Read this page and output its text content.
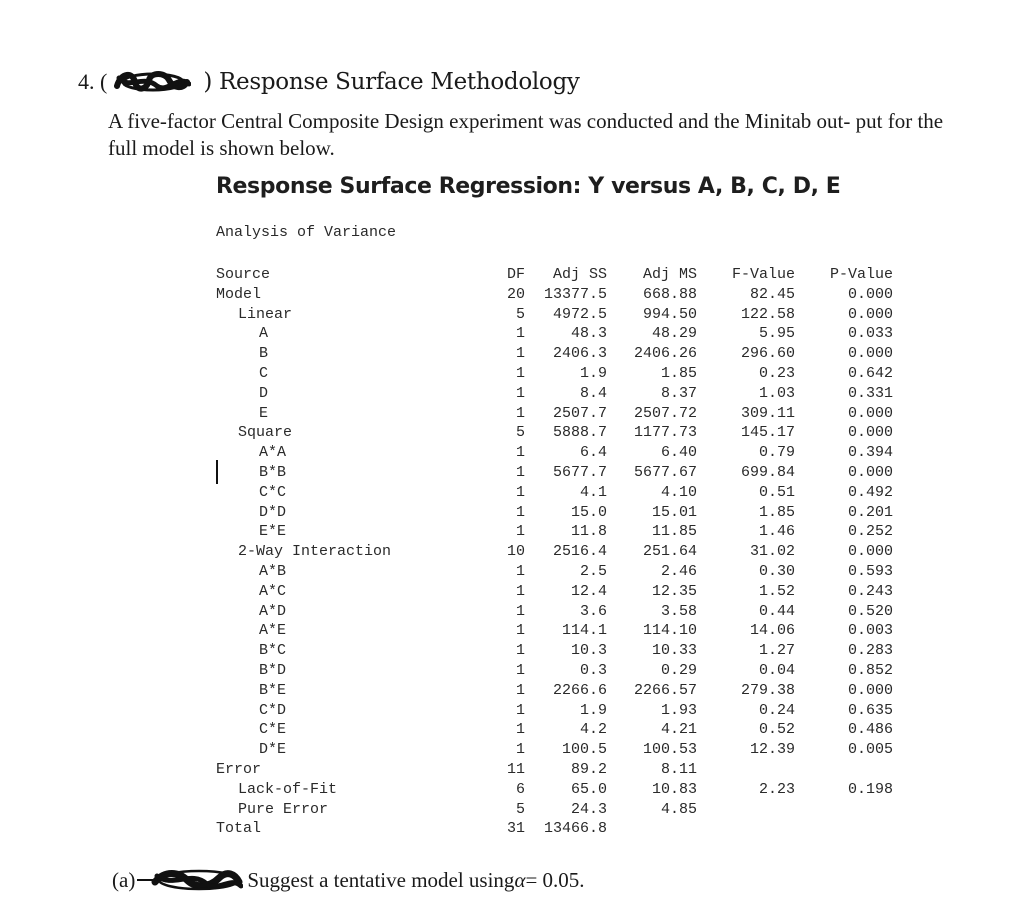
4. (	) Response Surface Methodology
A five-factor Central Composite Design experiment was conducted and the Minitab out- put for the full model is shown below.
Response Surface Regression: Y versus A, B, C, D, E
Analysis of Variance
Source	DF	Adj SS	Adj MS	F-Value	P-Value
Model	20	13377.5	668.88	82.45	0.000
Linear	5	4972.5	994.50	122.58	0.000
A	1	48.3	48.29	5.95	0.033
B	1	2406.3	2406.26	296.60	0.000
C	1	1.9	1.85	0.23	0.642
D	1	8.4	8.37	1.03	0.331
E	1	2507.7	2507.72	309.11	0.000
Square	5	5888.7	1177.73	145.17	0.000
A*A	1	6.4	6.40	0.79	0.394
B*B	1	5677.7	5677.67	699.84	0.000
C*C	1	4.1	4.10	0.51	0.492
D*D	1	15.0	15.01	1.85	0.201
E*E	1	11.8	11.85	1.46	0.252
2-Way Interaction	10	2516.4	251.64	31.02	0.000
A*B	1	2.5	2.46	0.30	0.593
A*C	1	12.4	12.35	1.52	0.243
A*D	1	3.6	3.58	0.44	0.520
A*E	1	114.1	114.10	14.06	0.003
B*C	1	10.3	10.33	1.27	0.283
B*D	1	0.3	0.29	0.04	0.852
B*E	1	2266.6	2266.57	279.38	0.000
C*D	1	1.9	1.93	0.24	0.635
C*E	1	4.2	4.21	0.52	0.486
D*E	1	100.5	100.53	12.39	0.005
Error	11	89.2	8.11		
Lack-of-Fit	6	65.0	10.83	2.23	0.198
Pure Error	5	24.3	4.85		
Total	31	13466.8			
(a)	Suggest a tentative model using α = 0.05.
